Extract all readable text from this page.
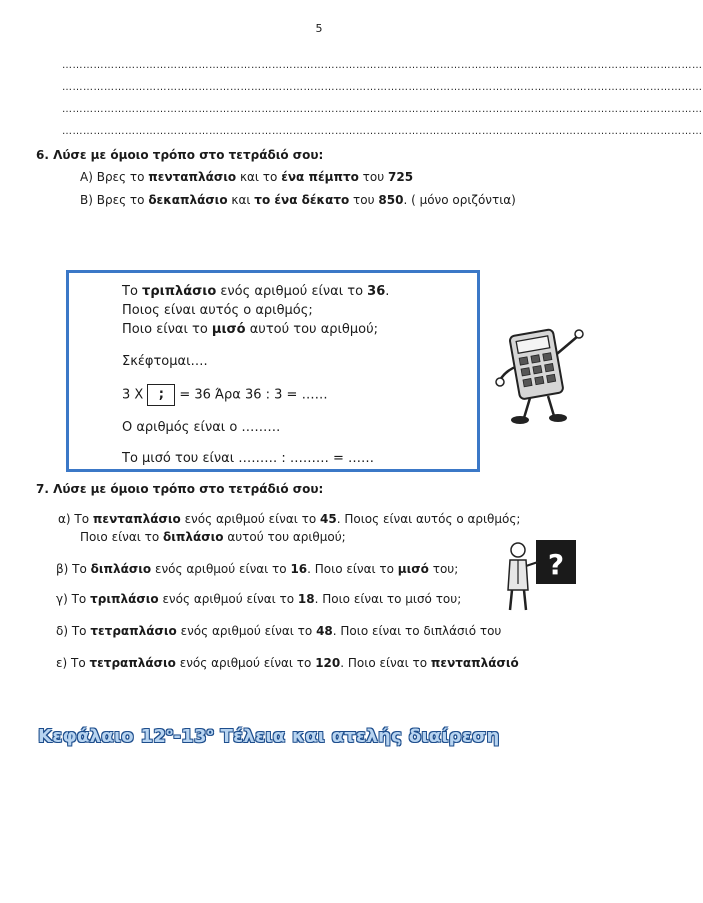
5
…………………………………………………………………………………………………………………………………………………………………
…………………………………………………………………………………………………………………………………………………………………
…………………………………………………………………………………………………………………………………………………………………
…………………………………………………………………………………………………………………………………………………………………
6. Λύσε με όμοιο τρόπο στο τετράδιό σου:
Α) Βρες το πενταπλάσιο και το ένα πέμπτο του 725
Β) Βρες το δεκαπλάσιο και το ένα δέκατο του 850. ( μόνο οριζόντια)
Το τριπλάσιο ενός αριθμού είναι το 36.
Ποιος είναι αυτός ο αριθμός;
Ποιο είναι το μισό αυτού του αριθμού;
Σκέφτομαι….
3 Χ ; = 36 Άρα 36 : 3 = ……
Ο αριθμός είναι ο ………
Το μισό του είναι ……… : ……… = ……
7. Λύσε με όμοιο τρόπο στο τετράδιό σου:
α) Το πενταπλάσιο ενός αριθμού είναι το 45. Ποιος είναι αυτός ο αριθμός;
Ποιο είναι το διπλάσιο αυτού του αριθμού;
β) Το διπλάσιο ενός αριθμού είναι το 16. Ποιο είναι το μισό του;
γ) Το τριπλάσιο ενός αριθμού είναι το 18. Ποιο είναι το μισό του;
δ) Το τετραπλάσιο ενός αριθμού είναι το 48. Ποιο είναι το διπλάσιό του
ε) Το τετραπλάσιο ενός αριθμού είναι το 120. Ποιο είναι το πενταπλάσιό
?
Κεφάλαιο $12^o-13^o$ Τέλεια και ατελής διαίρεση
